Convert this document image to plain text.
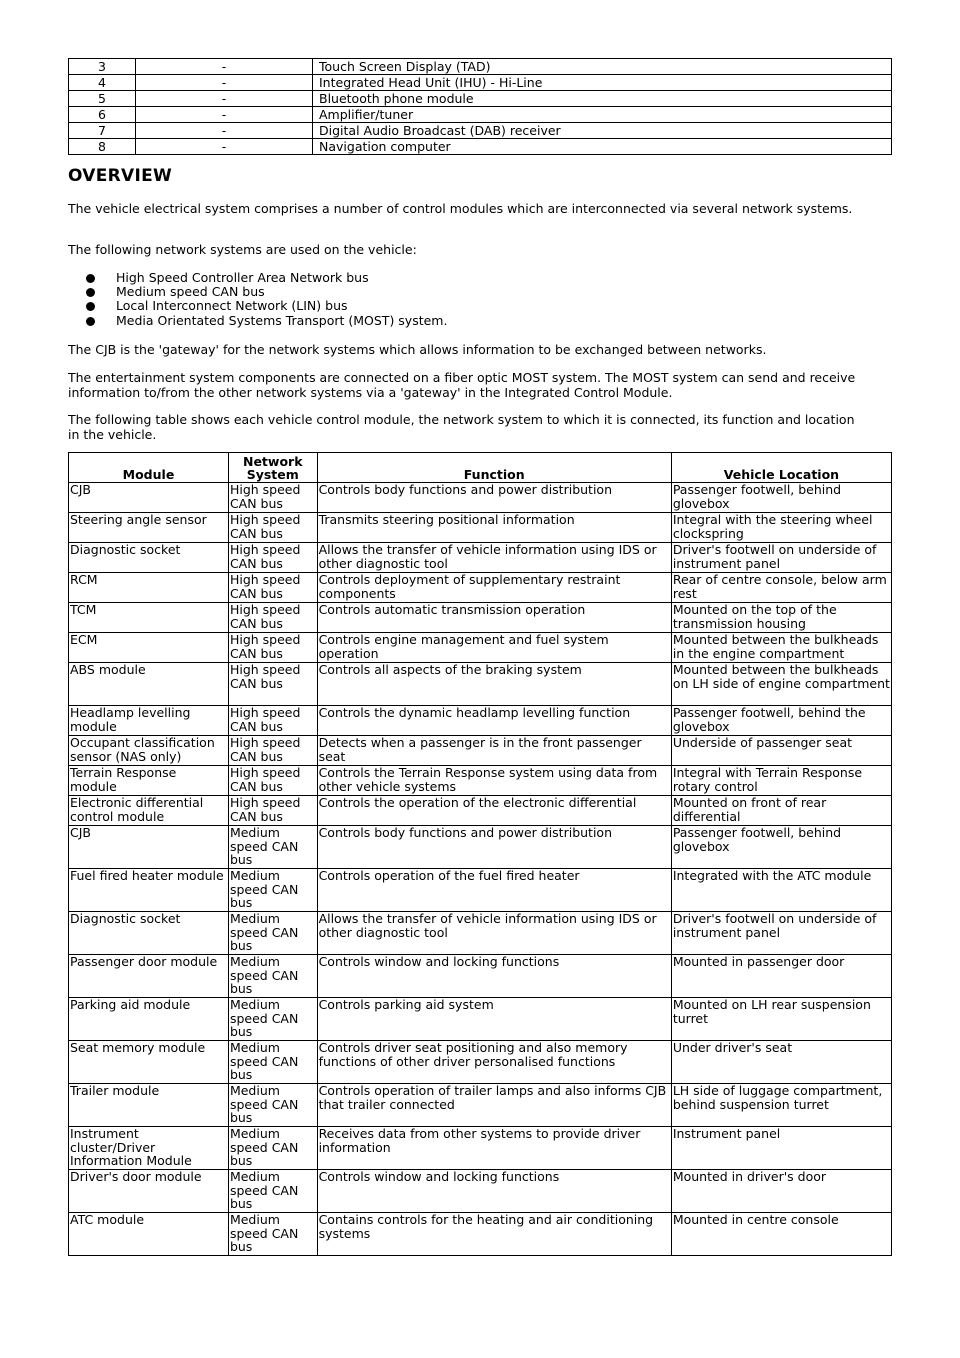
3	-	Touch Screen Display (TAD)
4	-	Integrated Head Unit (IHU) - Hi-Line
5	-	Bluetooth phone module
6	-	Amplifier/tuner
7	-	Digital Audio Broadcast (DAB) receiver
8	-	Navigation computer
OVERVIEW

The vehicle electrical system comprises a number of control modules which are interconnected via several network systems.

The following network systems are used on the vehicle:

High Speed Controller Area Network bus
Medium speed CAN bus
Local Interconnect Network (LIN) bus
Media Orientated Systems Transport (MOST) system.

The CJB is the 'gateway' for the network systems which allows information to be exchanged between networks.

The entertainment system components are connected on a fiber optic MOST system. The MOST system can send and receive information to/from the other network systems via a 'gateway' in the Integrated Control Module.

The following table shows each vehicle control module, the network system to which it is connected, its function and location in the vehicle.

Module	Network System	Function	Vehicle Location
CJB	High speed CAN bus	Controls body functions and power distribution	Passenger footwell, behind glovebox
Steering angle sensor	High speed CAN bus	Transmits steering positional information	Integral with the steering wheel clockspring
Diagnostic socket	High speed CAN bus	Allows the transfer of vehicle information using IDS or other diagnostic tool	Driver's footwell on underside of instrument panel
RCM	High speed CAN bus	Controls deployment of supplementary restraint components	Rear of centre console, below arm rest
TCM	High speed CAN bus	Controls automatic transmission operation	Mounted on the top of the transmission housing
ECM	High speed CAN bus	Controls engine management and fuel system operation	Mounted between the bulkheads in the engine compartment
ABS module	High speed CAN bus	Controls all aspects of the braking system	Mounted between the bulkheads on LH side of engine compartment
Headlamp levelling module	High speed CAN bus	Controls the dynamic headlamp levelling function	Passenger footwell, behind the glovebox
Occupant classification sensor (NAS only)	High speed CAN bus	Detects when a passenger is in the front passenger seat	Underside of passenger seat
Terrain Response module	High speed CAN bus	Controls the Terrain Response system using data from other vehicle systems	Integral with Terrain Response rotary control
Electronic differential control module	High speed CAN bus	Controls the operation of the electronic differential	Mounted on front of rear differential
CJB	Medium speed CAN bus	Controls body functions and power distribution	Passenger footwell, behind glovebox
Fuel fired heater module	Medium speed CAN bus	Controls operation of the fuel fired heater	Integrated with the ATC module
Diagnostic socket	Medium speed CAN bus	Allows the transfer of vehicle information using IDS or other diagnostic tool	Driver's footwell on underside of instrument panel
Passenger door module	Medium speed CAN bus	Controls window and locking functions	Mounted in passenger door
Parking aid module	Medium speed CAN bus	Controls parking aid system	Mounted on LH rear suspension turret
Seat memory module	Medium speed CAN bus	Controls driver seat positioning and also memory functions of other driver personalised functions	Under driver's seat
Trailer module	Medium speed CAN bus	Controls operation of trailer lamps and also informs CJB that trailer connected	LH side of luggage compartment, behind suspension turret
Instrument cluster/Driver Information Module	Medium speed CAN bus	Receives data from other systems to provide driver information	Instrument panel
Driver's door module	Medium speed CAN bus	Controls window and locking functions	Mounted in driver's door
ATC module	Medium speed CAN bus	Contains controls for the heating and air conditioning systems	Mounted in centre console
